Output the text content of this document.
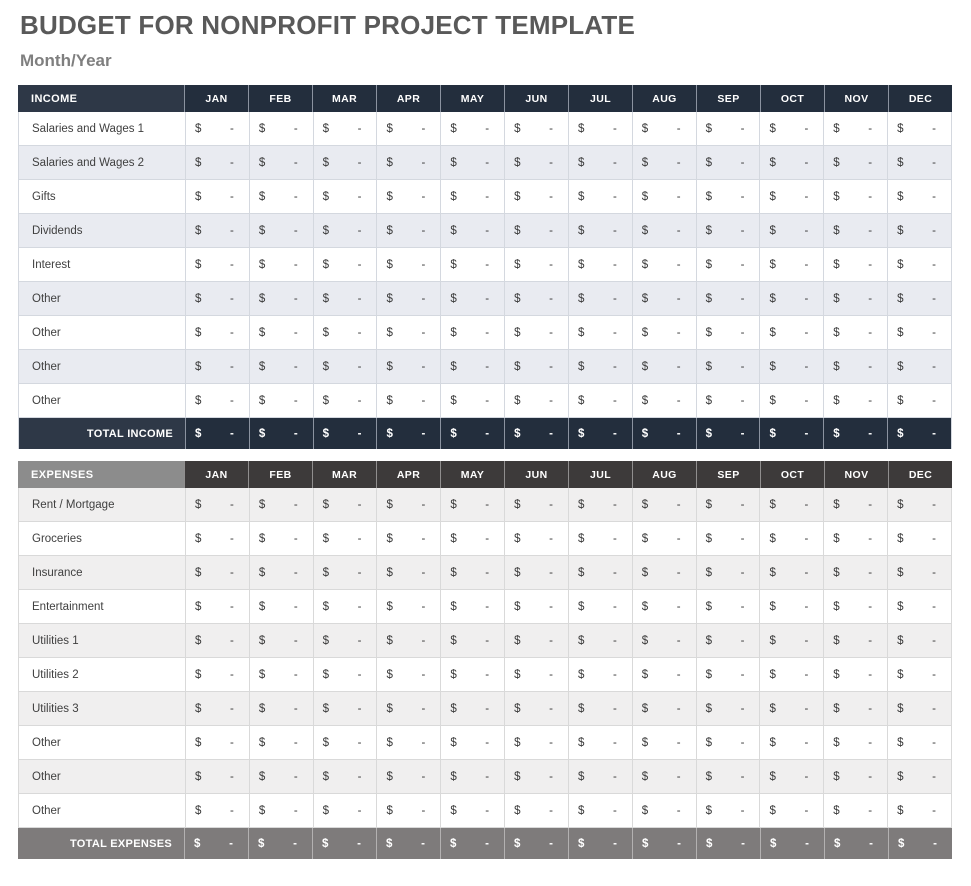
BUDGET FOR NONPROFIT PROJECT TEMPLATE
Month/Year
INCOME	JAN	FEB	MAR	APR	MAY	JUN	JUL	AUG	SEP	OCT	NOV	DEC
Salaries and Wages 1	$ - $ - $ - $ - $ - $ - $ - $ - $ - $ - $ - $ -
Salaries and Wages 2	$ - $ - $ - $ - $ - $ - $ - $ - $ - $ - $ - $ -
Gifts	$ - $ - $ - $ - $ - $ - $ - $ - $ - $ - $ - $ -
Dividends	$ - $ - $ - $ - $ - $ - $ - $ - $ - $ - $ - $ -
Interest	$ - $ - $ - $ - $ - $ - $ - $ - $ - $ - $ - $ -
Other	$ - $ - $ - $ - $ - $ - $ - $ - $ - $ - $ - $ -
Other	$ - $ - $ - $ - $ - $ - $ - $ - $ - $ - $ - $ -
Other	$ - $ - $ - $ - $ - $ - $ - $ - $ - $ - $ - $ -
Other	$ - $ - $ - $ - $ - $ - $ - $ - $ - $ - $ - $ -
TOTAL INCOME	$ - $ - $ - $ - $ - $ - $ - $ - $ - $ - $ - $ -
EXPENSES	JAN	FEB	MAR	APR	MAY	JUN	JUL	AUG	SEP	OCT	NOV	DEC
Rent / Mortgage	$ - $ - $ - $ - $ - $ - $ - $ - $ - $ - $ - $ -
Groceries	$ - $ - $ - $ - $ - $ - $ - $ - $ - $ - $ - $ -
Insurance	$ - $ - $ - $ - $ - $ - $ - $ - $ - $ - $ - $ -
Entertainment	$ - $ - $ - $ - $ - $ - $ - $ - $ - $ - $ - $ -
Utilities 1	$ - $ - $ - $ - $ - $ - $ - $ - $ - $ - $ - $ -
Utilities 2	$ - $ - $ - $ - $ - $ - $ - $ - $ - $ - $ - $ -
Utilities 3	$ - $ - $ - $ - $ - $ - $ - $ - $ - $ - $ - $ -
Other	$ - $ - $ - $ - $ - $ - $ - $ - $ - $ - $ - $ -
Other	$ - $ - $ - $ - $ - $ - $ - $ - $ - $ - $ - $ -
Other	$ - $ - $ - $ - $ - $ - $ - $ - $ - $ - $ - $ -
TOTAL EXPENSES	$	- $	- $	- $	- $	- $	- $	- $	- $	- $	- $	- $	-
